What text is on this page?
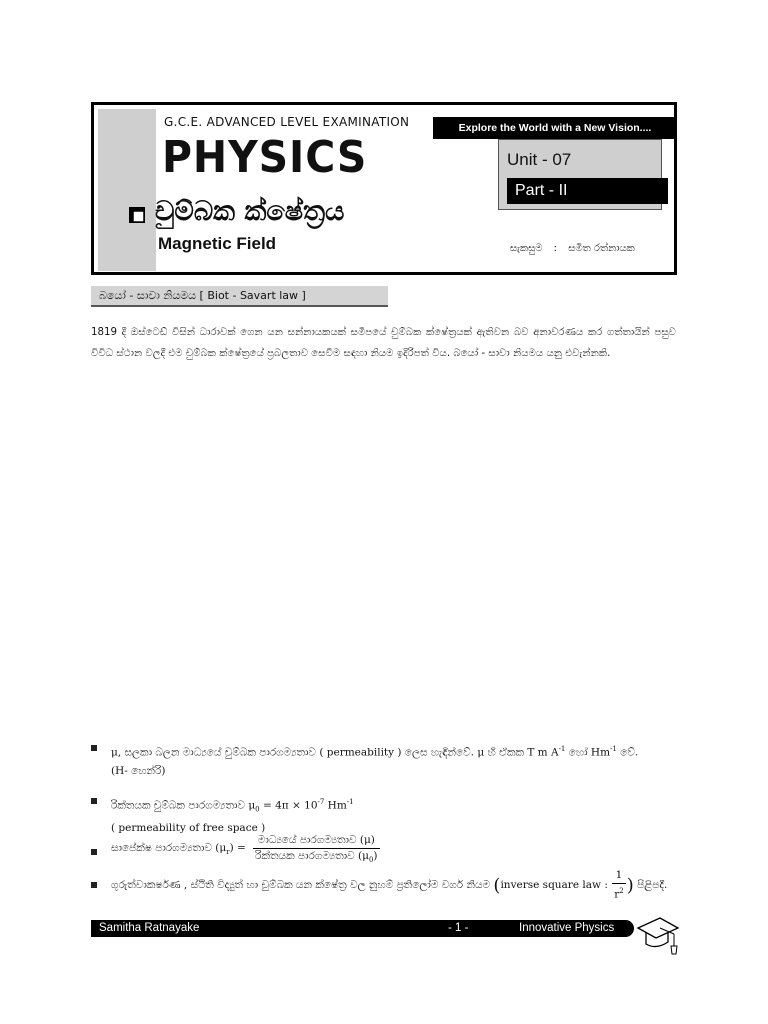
G.C.E. ADVANCED LEVEL EXAMINATION
PHYSICS
Explore the World with a New Vision....
Unit - 07
Part - II
චුම්බක ක්ෂේත්‍රය
Magnetic Field	සැකසුම : සමිත රත්නායක
බයෝ - සාවා නියමය [ Biot - Savart law ]
1819 දී ඔස්ටෙඩ් විසින් ධාරාවක් ගෙන යන සන්නායකයක් සමීපයේ චුම්බක ක්ෂේත්‍රයක් ඇතිවන බව අනාවරණය කර ගත්තායින් පසුව විවිධ ස්ථාන වලදී එම චුම්බක ක්ෂේත්‍රයේ ප්‍රබලතාව සෙවීම සඳහා නියම ඉදිරිපත් විය. බයෝ - සාවා නියමය යනු එවැන්නකි.
μ, සලකා බලන මාධ්‍යයේ චුම්බක පාරගම්‍යතාව ( permeability ) ලෙස හැඳින්වේ. μ හි ඒකක T m $A^{-1}$ හෝ $Hm^{-1}$ වේ.
(H- හෙන්රි)
රික්තයක චුම්බක පාරගම්‍යතාව $\mu_0 = 4\pi \times 10^{-7}$ $Hm^{-1}$
( permeability of free space )
සාපේක්ෂ පාරගම්‍යතාව $(\mu_r) = \frac{\text{මාධ්‍යයේ පාරගම්‍යතාව (μ)}}{රික්තයක පාරගම්‍යතාව (\mu_0)}$
ගුරුත්වාකර්ෂණ , ස්ථිති විද්‍යුත් හා චුම්බක යන ක්ෂේත්‍ර වල නුහම් ප්‍රතිලෝම වර්ග නියම (inverse square law : $\frac{1}{r^2}$ ) පිළිපදී.
Samitha Ratnayake	- 1 -	Innovative Physics
